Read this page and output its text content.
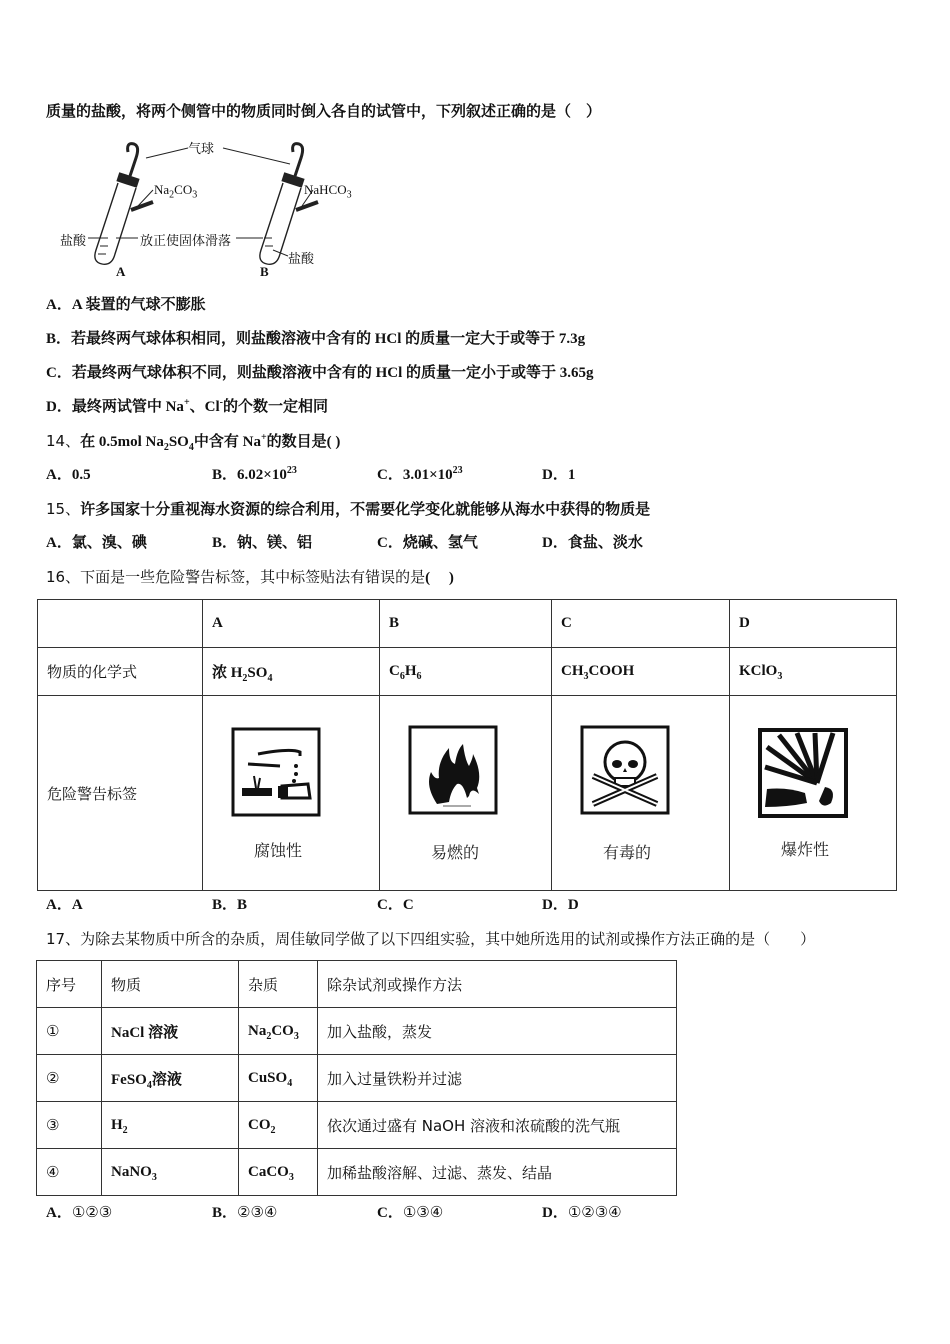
质量的盐酸，将两个侧管中的物质同时倒入各自的试管中，下列叙述正确的是（　）
气球
$Na_2CO_3$	NaHCO$_3$
盐酸	放正使固体滑落
盐酸
A	B
A．A 装置的气球不膨胀
B．若最终两气球体积相同，则盐酸溶液中含有的 HCl 的质量一定大于或等于 7.3g
C．若最终两气球体积不同，则盐酸溶液中含有的 HCl 的质量一定小于或等于 3.65g
D．最终两试管中 Na+、Cl-的个数一定相同
14、在 0.5mol $Na_2SO_4$中含有 Na+的数目是( )
A．0.5	B．$6.02\times 10^{23}$	C．$3.01\times 10^{23}$	D．1
15、许多国家十分重视海水资源的综合利用，不需要化学变化就能够从海水中获得的物质是
A．氯、溴、碘	B．钠、镁、铝	C．烧碱、氢气	D．食盐、淡水
16、下面是一些危险警告标签，其中标签贴法有错误的是(　 )
	A	B	C	D
物质的化学式	浓 $H_2SO_4$	$C_6H_6$	$CH_3COOH$	KClO$_3$
危险警告标签	腐蚀性	易燃的	有毒的	爆炸性
A．A	B．B	C．C	D．D
17、为除去某物质中所含的杂质，周佳敏同学做了以下四组实验，其中她所选用的试剂或操作方法正确的是（　　）
序号	物质	杂质	除杂试剂或操作方法
①	NaCl 溶液	$Na_2CO_3$	加入盐酸，蒸发
②	FeSO$_4$溶液	CuSO$_4$	加入过量铁粉并过滤
③	$H_2$	$CO_2$	依次通过盛有 NaOH 溶液和浓硫酸的洗气瓶
④	NaNO$_3$	CaCO$_3$	加稀盐酸溶解、过滤、蒸发、结晶
A．①②③	B．②③④	C．①③④	D．①②③④
